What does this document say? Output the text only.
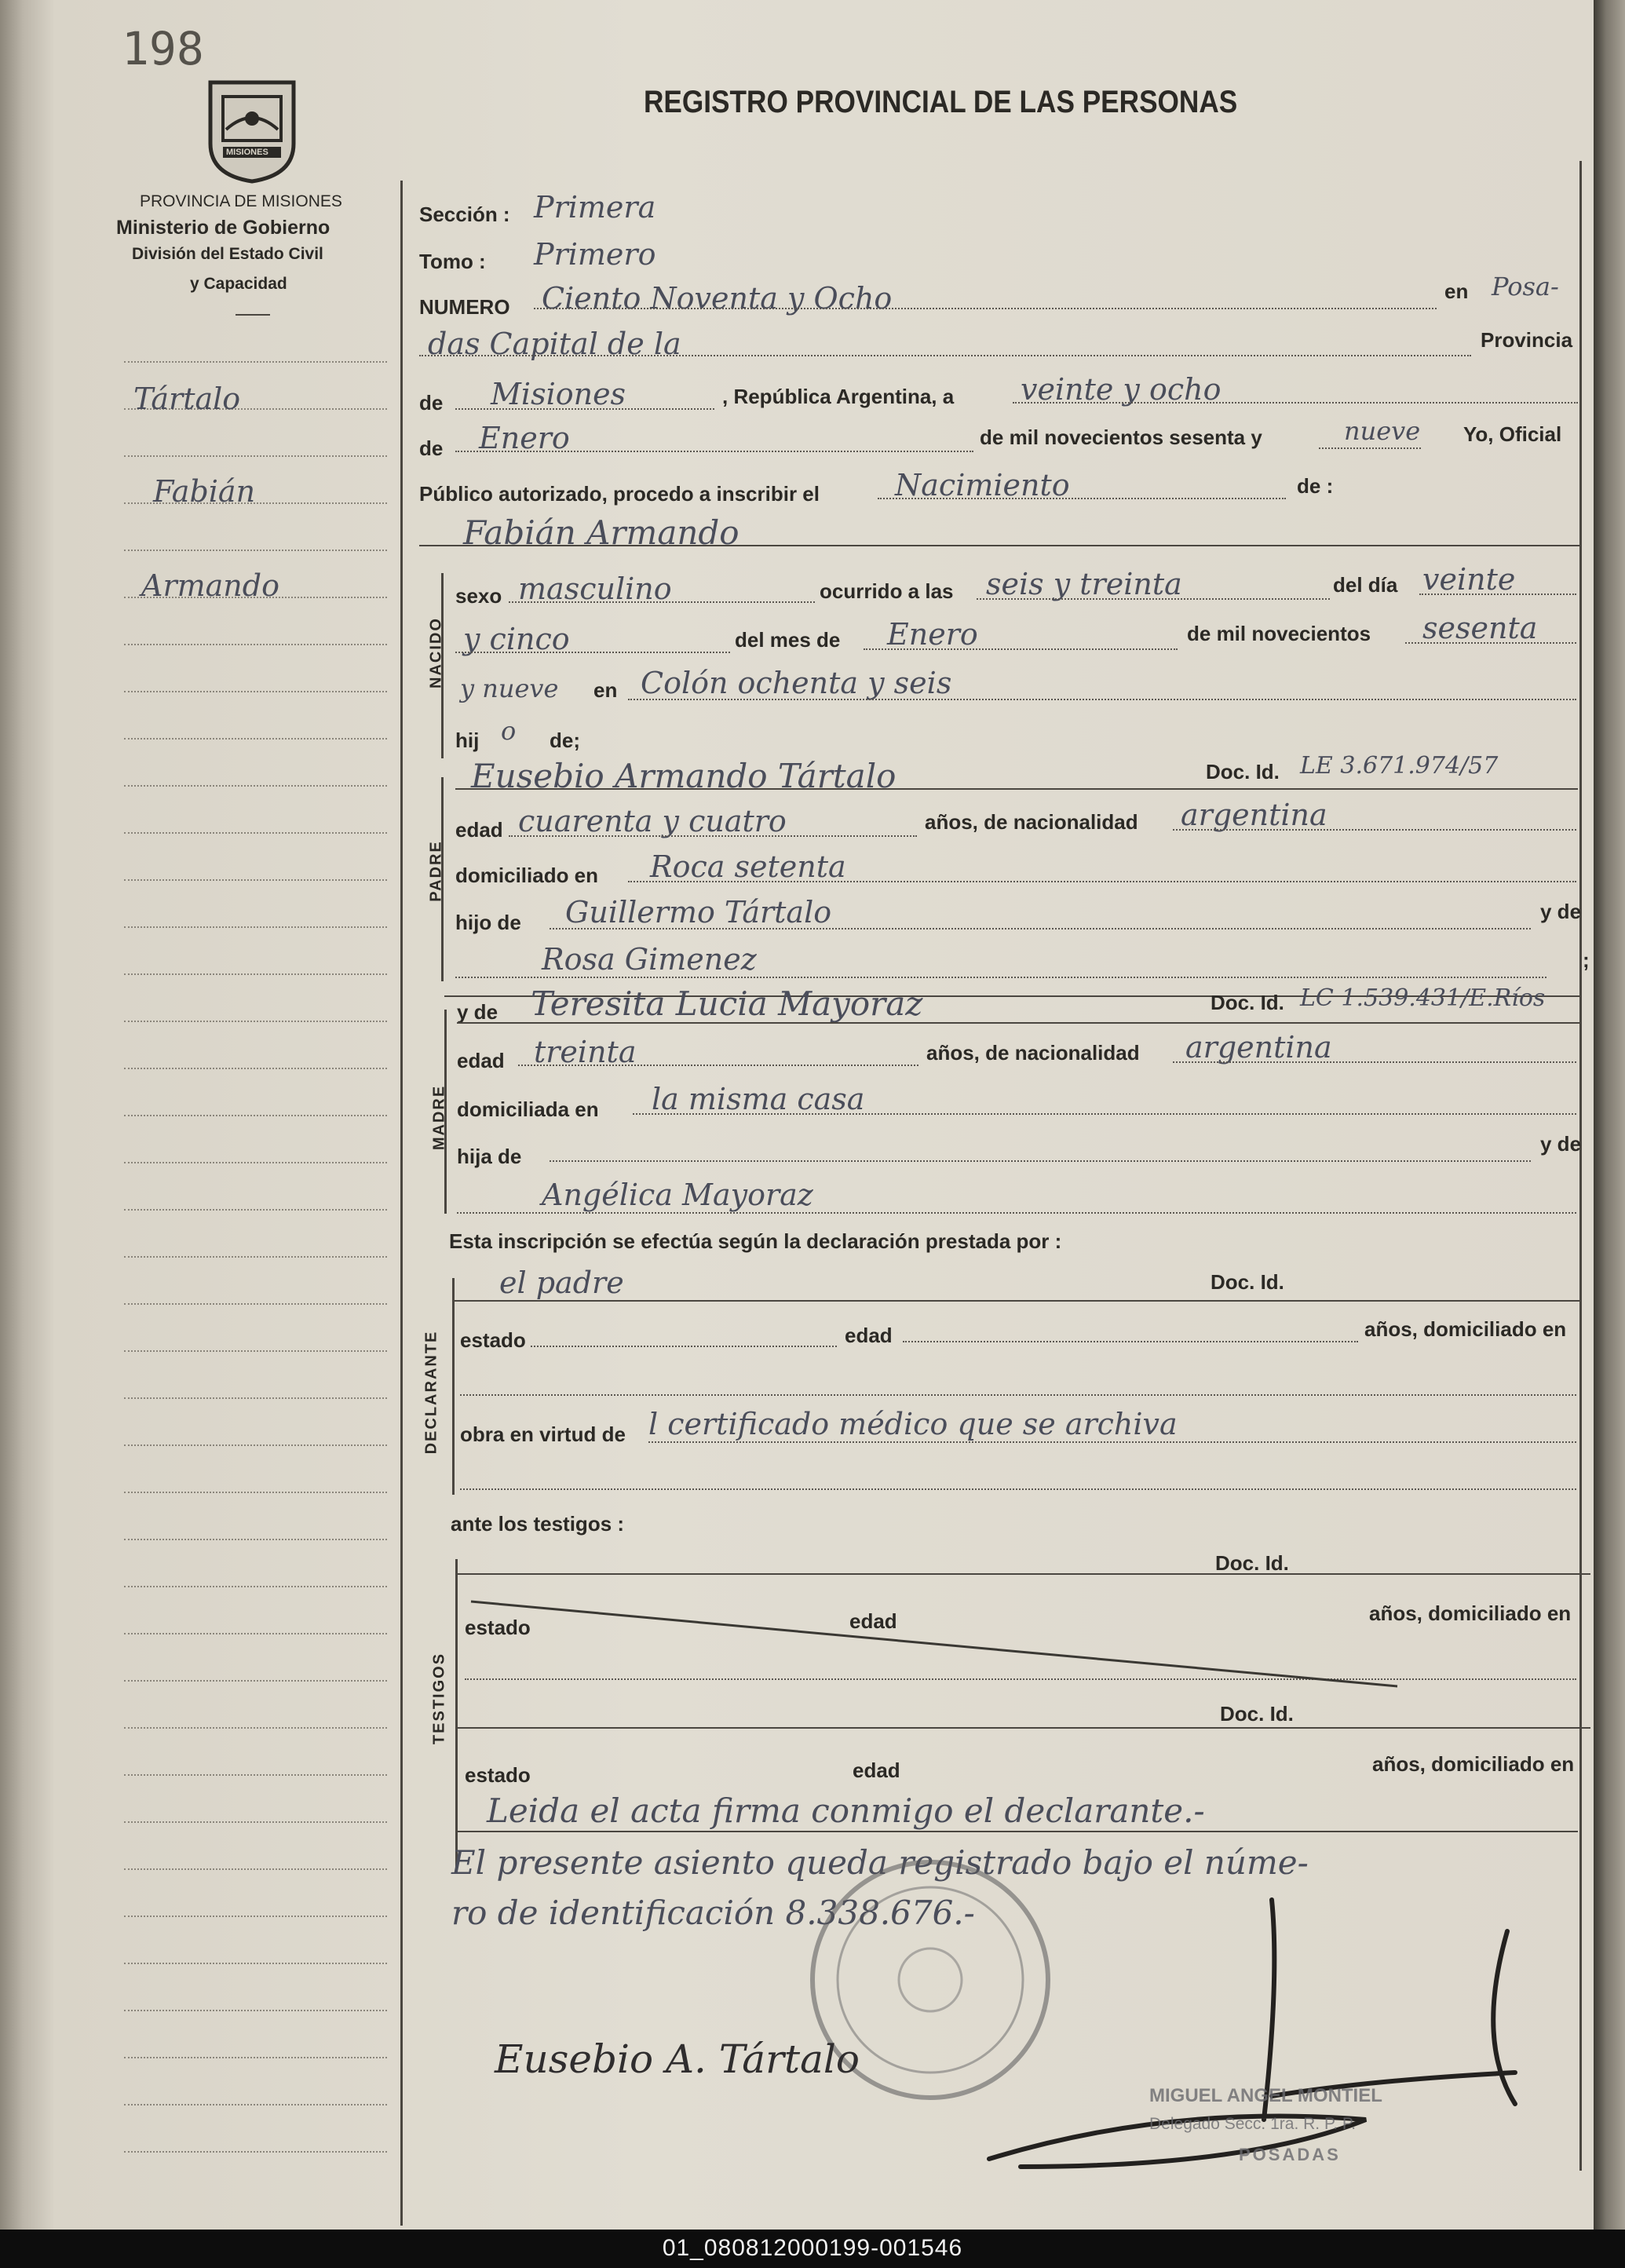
198
MISIONES
REGISTRO PROVINCIAL DE LAS PERSONAS
PROVINCIA DE MISIONES
Ministerio de Gobierno
División del Estado Civil
y Capacidad
Tártalo
Fabián
Armando
Sección : Primera
Tomo : Primero
NUMERO Ciento Noventa y Ocho	en Posa-
das Capital de la	Provincia
de Misiones	, República Argentina, a veinte y ocho
de Enero	de mil novecientos sesenta y	nueve Yo, Oficial
Público autorizado, procedo a inscribir el	Nacimiento	de :
Fabián Armando
NACIDO
sexo masculino	ocurrido a las seis y treinta	del día veinte
y cinco	del mes de Enero	de mil novecientos sesenta
y nueve en Colón ochenta y seis
hij o de;
PADRE
Eusebio Armando Tártalo	Doc. Id. LE 3.671.974/57
edad cuarenta y cuatro	años, de nacionalidad argentina
domiciliado en Roca setenta
hijo de Guillermo Tártalo	y de
Rosa Gimenez	;
MADRE
y de Teresita Lucia Mayoraz	Doc. Id. LC 1.539.431/E.Ríos
edad treinta	años, de nacionalidad argentina
domiciliada en la misma casa
hija de
y de
Angélica Mayoraz
Esta inscripción se efectúa según la declaración prestada por :
DECLARANTE
el padre	Doc. Id.
estado	edad	años, domiciliado en
obra en virtud de l certificado médico que se archiva
ante los testigos :
TESTIGOS
Doc. Id.
estado	edad	años, domiciliado en
Doc. Id.
estado	edad	años, domiciliado en
Leida el acta firma conmigo el declarante.-
El presente asiento queda registrado bajo el núme-
ro de identificación 8.338.676.-
Eusebio A. Tártalo
MIGUEL ANGEL MONTIEL
Delegado Secc. 1ra. R. P. P.
POSADAS
01_080812000199-001546
